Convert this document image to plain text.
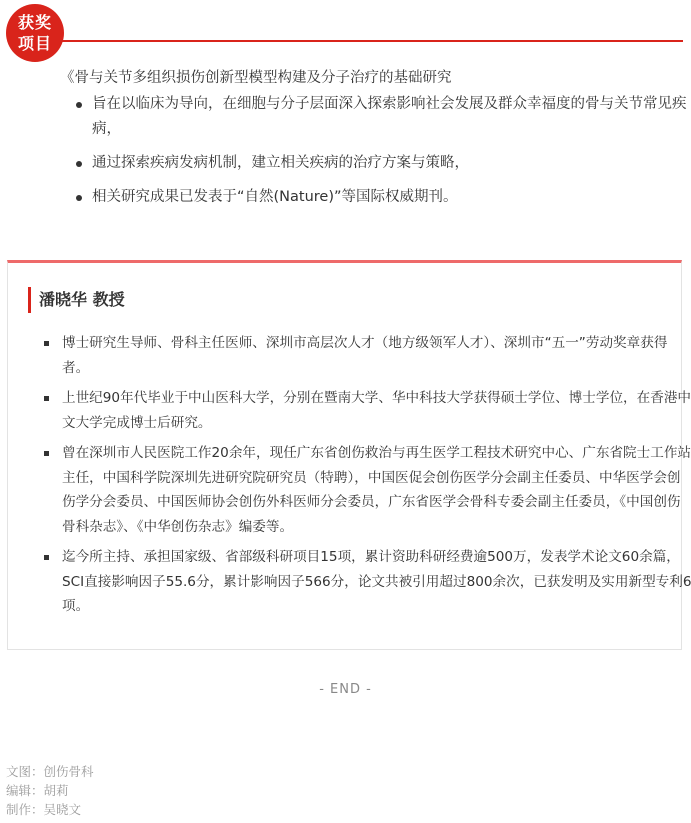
获奖
项目
《骨与关节多组织损伤创新型模型构建及分子治疗的基础研究
旨在以临床为导向，在细胞与分子层面深入探索影响社会发展及群众幸福度的骨与关节常见疾病，
通过探索疾病发病机制，建立相关疾病的治疗方案与策略，
相关研究成果已发表于“自然(Nature)”等国际权威期刊。
潘晓华 教授
博士研究生导师、骨科主任医师、深圳市高层次人才（地方级领军人才）、深圳市“五一”劳动奖章获得者。
上世纪90年代毕业于中山医科大学，分别在暨南大学、华中科技大学获得硕士学位、博士学位，在香港中文大学完成博士后研究。
曾在深圳市人民医院工作20余年，现任广东省创伤救治与再生医学工程技术研究中心、广东省院士工作站主任，中国科学院深圳先进研究院研究员（特聘），中国医促会创伤医学分会副主任委员、中华医学会创伤学分会委员、中国医师协会创伤外科医师分会委员，广东省医学会骨科专委会副主任委员，《中国创伤骨科杂志》、《中华创伤杂志》编委等。
迄今所主持、承担国家级、省部级科研项目15项，累计资助科研经费逾500万，发表学术论文60余篇，SCI直接影响因子55.6分，累计影响因子566分，论文共被引用超过800余次，已获发明及实用新型专利6项。
- END -
文图：创伤骨科
编辑：胡莉
制作：吴晓文
